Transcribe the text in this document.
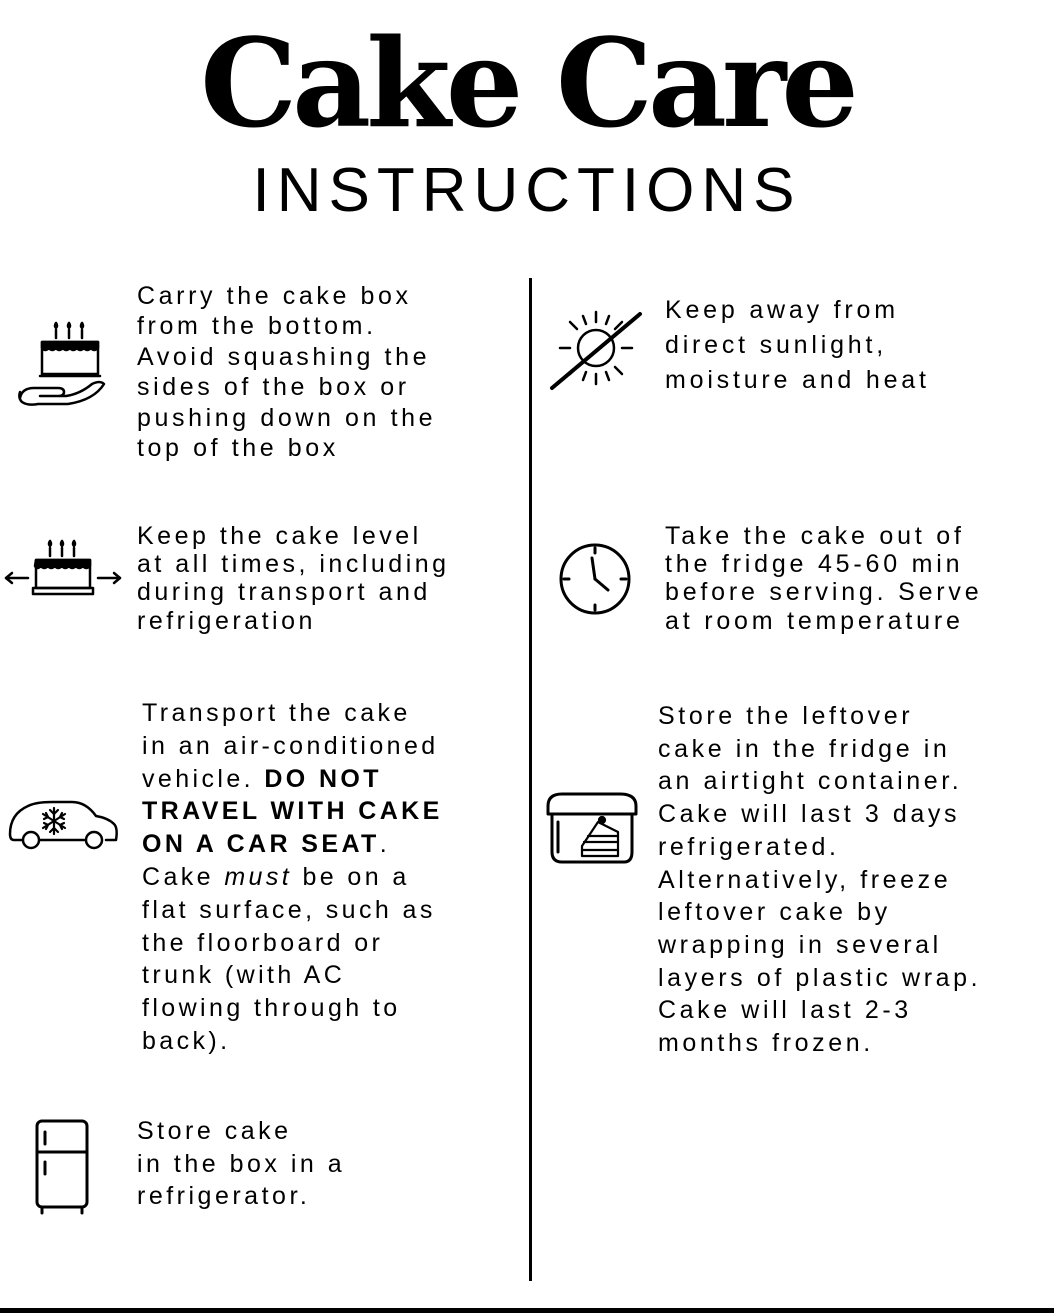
Cake Care
INSTRUCTIONS

Carry the cake box
from the bottom.
Avoid squashing the
sides of the box or
pushing down on the
top of the box

Keep the cake level
at all times, including
during transport and
refrigeration

Transport the cake
in an air-conditioned
vehicle. DO NOT
TRAVEL WITH CAKE
ON A CAR SEAT.
Cake must be on a
flat surface, such as
the floorboard or
trunk (with AC
flowing through to
back).

Store cake
in the box in a
refrigerator.

Keep away from
direct sunlight,
moisture and heat

Take the cake out of
the fridge 45-60 min
before serving. Serve
at room temperature

Store the leftover
cake in the fridge in
an airtight container.
Cake will last 3 days
refrigerated.
Alternatively, freeze
leftover cake by
wrapping in several
layers of plastic wrap.
Cake will last 2-3
months frozen.
